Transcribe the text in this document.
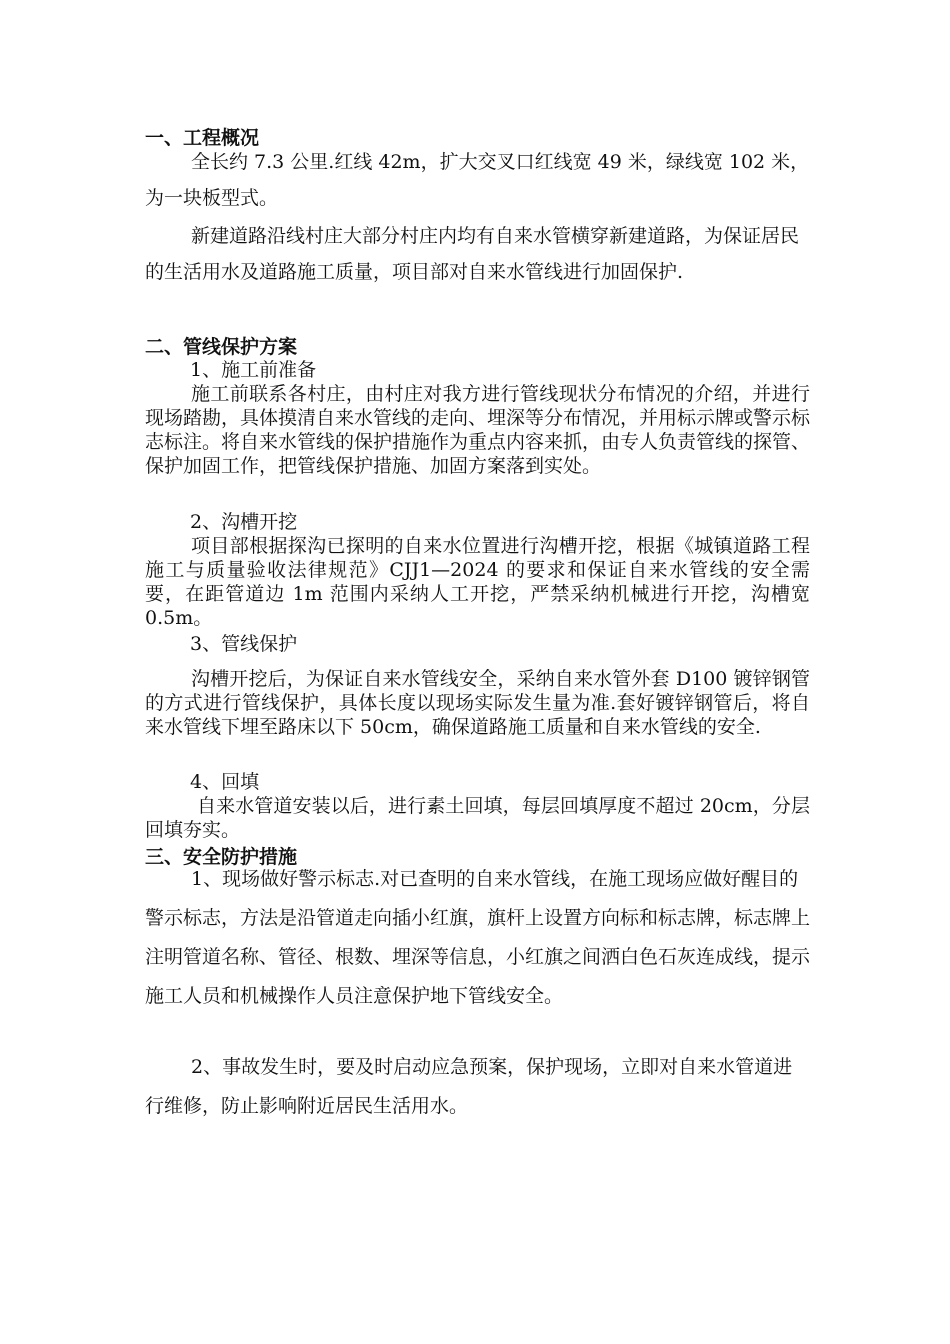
一、工程概况

全长约 7.3 公里.红线 42m，扩大交叉口红线宽 49 米，绿线宽 102 米，为一块板型式。

新建道路沿线村庄大部分村庄内均有自来水管横穿新建道路，为保证居民的生活用水及道路施工质量，项目部对自来水管线进行加固保护.

二、管线保护方案
1、施工前准备

施工前联系各村庄，由村庄对我方进行管线现状分布情况的介绍，并进行现场踏勘，具体摸清自来水管线的走向、埋深等分布情况，并用标示牌或警示标志标注。将自来水管线的保护措施作为重点内容来抓，由专人负责管线的探管、保护加固工作，把管线保护措施、加固方案落到实处。

2、沟槽开挖

项目部根据探沟已探明的自来水位置进行沟槽开挖，根据《城镇道路工程施工与质量验收法律规范》CJJ1—2024 的要求和保证自来水管线的安全需要，在距管道边 1m 范围内采纳人工开挖，严禁采纳机械进行开挖，沟槽宽 0.5m。

3、管线保护

沟槽开挖后，为保证自来水管线安全，采纳自来水管外套 D100 镀锌钢管的方式进行管线保护，具体长度以现场实际发生量为准.套好镀锌钢管后，将自来水管线下埋至路床以下 50cm，确保道路施工质量和自来水管线的安全.

4、回填

自来水管道安装以后，进行素土回填，每层回填厚度不超过 20cm，分层回填夯实。

三、安全防护措施

1、现场做好警示标志.对已查明的自来水管线，在施工现场应做好醒目的警示标志，方法是沿管道走向插小红旗，旗杆上设置方向标和标志牌，标志牌上注明管道名称、管径、根数、埋深等信息，小红旗之间洒白色石灰连成线，提示施工人员和机械操作人员注意保护地下管线安全。

2、事故发生时，要及时启动应急预案，保护现场，立即对自来水管道进行维修，防止影响附近居民生活用水。
